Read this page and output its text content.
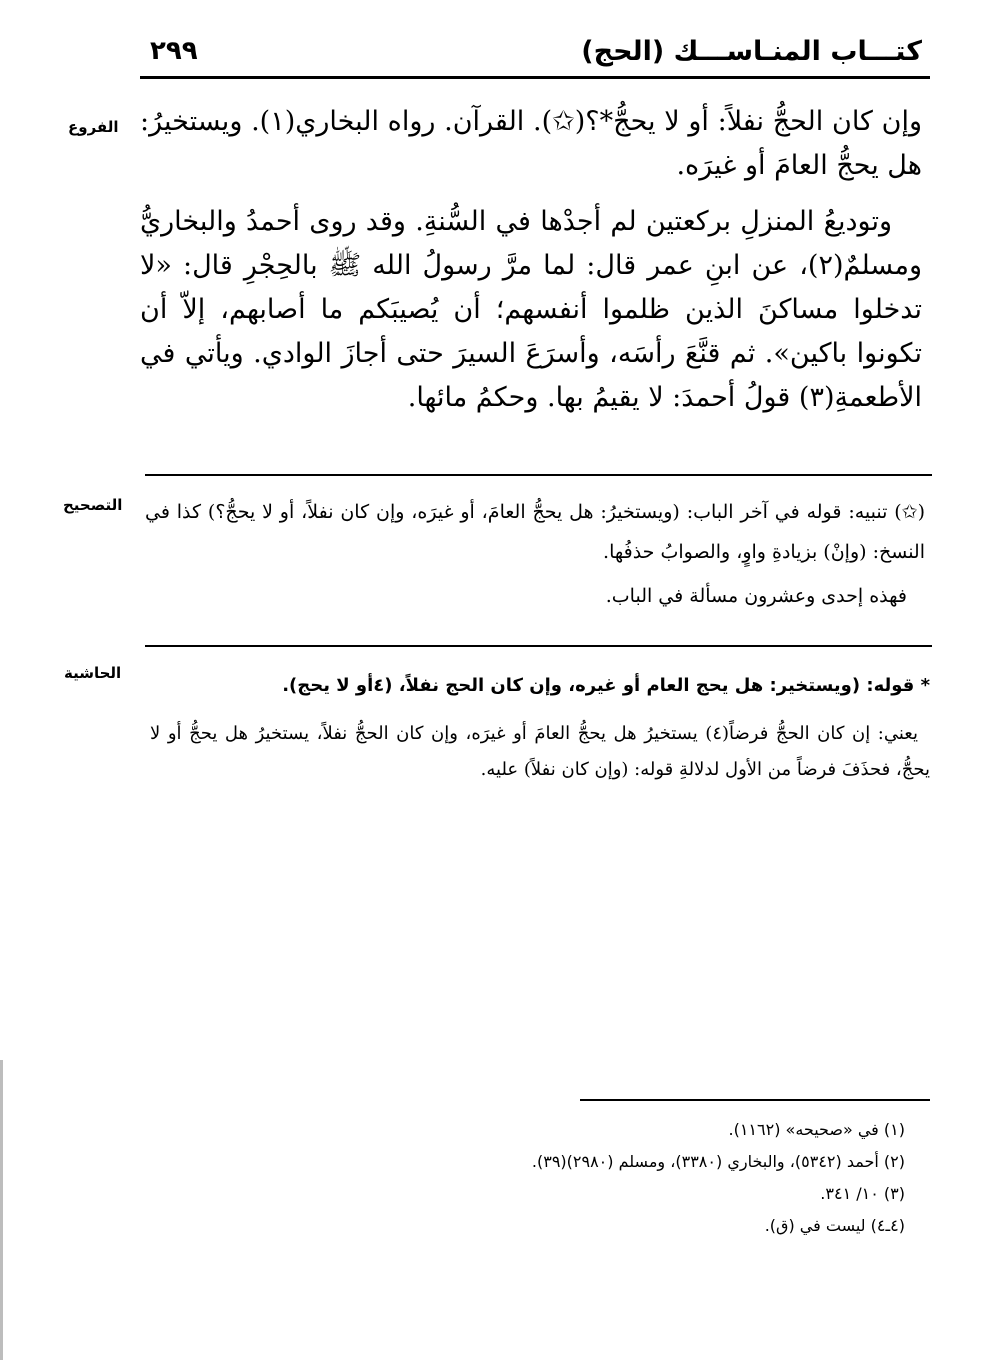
كتـــاب المنـاســـك (الحج)
٢٩٩
الفروع
التصحيح
الحاشية

وإن كان الحجُّ نفلاً: أو لا يحجُّ*؟(✩). القرآن. رواه البخاري(١). ويستخيرُ: هل يحجُّ العامَ أو غيرَه.

وتوديعُ المنزلِ بركعتين لم أجدْها في السُّنةِ. وقد روى أحمدُ والبخاريُّ ومسلمٌ(٢)، عن ابنِ عمر قال: لما مرَّ رسولُ الله ﷺ بالحِجْرِ قال: «لا تدخلوا مساكنَ الذين ظلموا أنفسهم؛ أن يُصيبَكم ما أصابهم، إلاّ أن تكونوا باكين». ثم قنَّعَ رأسَه، وأسرَعَ السيرَ حتى أجازَ الوادي. ويأتي في الأطعمةِ(٣) قولُ أحمدَ: لا يقيمُ بها. وحكمُ مائها.

(✩) تنبيه: قوله في آخر الباب: (ويستخيرُ: هل يحجُّ العامَ، أو غيرَه، وإن كان نفلاً، أو لا يحجُّ؟) كذا في النسخ: (وإنْ) بزيادةِ واوٍ، والصوابُ حذفُها.

فهذه إحدى وعشرون مسألة في الباب.

* قوله: (ويستخير: هل يحج العام أو غيره، وإن كان الحج نفلاً، (٤أو لا يحج).

يعني: إن كان الحجُّ فرضاً(٤) يستخيرُ هل يحجُّ العامَ أو غيرَه، وإن كان الحجُّ نفلاً، يستخيرُ هل يحجُّ أو لا يحجُّ، فحذَفَ فرضاً من الأول لدلالةِ قوله: (وإن كان نفلاً) عليه.

(١) في «صحيحه» (١١٦٢).
(٢) أحمد (٥٣٤٢)، والبخاري (٣٣٨٠)، ومسلم (٢٩٨٠)(٣٩).
(٣) ١٠/ ٣٤١.
(٤ـ٤) ليست في (ق).
